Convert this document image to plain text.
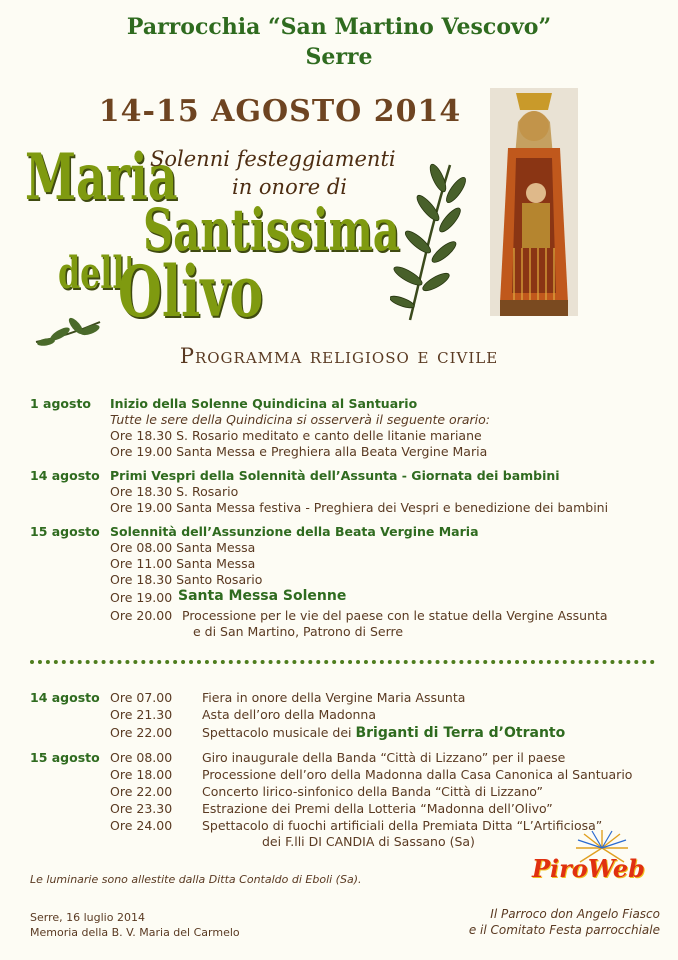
Parrocchia “San Martino Vescovo”
Serre
14-15 AGOSTO 2014
Maria
Solenni festeggiamenti
in onore di
Santissima
dell'
Olivo
Programma religioso e civile
1 agosto Inizio della Solenne Quindicina al Santuario
Tutte le sere della Quindicina si osserverà il seguente orario:
Ore 18.30 S. Rosario meditato e canto delle litanie mariane
Ore 19.00 Santa Messa e Preghiera alla Beata Vergine Maria
14 agosto Primi Vespri della Solennità dell’Assunta - Giornata dei bambini
Ore 18.30 S. Rosario
Ore 19.00 Santa Messa festiva - Preghiera dei Vespri e benedizione dei bambini
15 agosto Solennità dell’Assunzione della Beata Vergine Maria
Ore 08.00 Santa Messa
Ore 11.00 Santa Messa
Ore 18.30 Santo Rosario
Ore 19.00 Santa Messa Solenne
Ore 20.00 Processione per le vie del paese con le statue della Vergine Assunta
e di San Martino, Patrono di Serre
14 agosto Ore 07.00 Fiera in onore della Vergine Maria Assunta
Ore 21.30 Asta dell’oro della Madonna
Ore 22.00 Spettacolo musicale dei Briganti di Terra d’Otranto
15 agosto Ore 08.00 Giro inaugurale della Banda “Città di Lizzano” per il paese
Ore 18.00 Processione dell’oro della Madonna dalla Casa Canonica al Santuario
Ore 22.00 Concerto lirico-sinfonico della Banda “Città di Lizzano”
Ore 23.30 Estrazione dei Premi della Lotteria “Madonna dell’Olivo”
Ore 24.00 Spettacolo di fuochi artificiali della Premiata Ditta “L’Artificiosa”
dei F.lli DI CANDIA di Sassano (Sa)
Le luminarie sono allestite dalla Ditta Contaldo di Eboli (Sa).	PiroWeb
Serre, 16 luglio 2014
Memoria della B. V. Maria del Carmelo
Il Parroco don Angelo Fiasco
e il Comitato Festa parrocchiale
